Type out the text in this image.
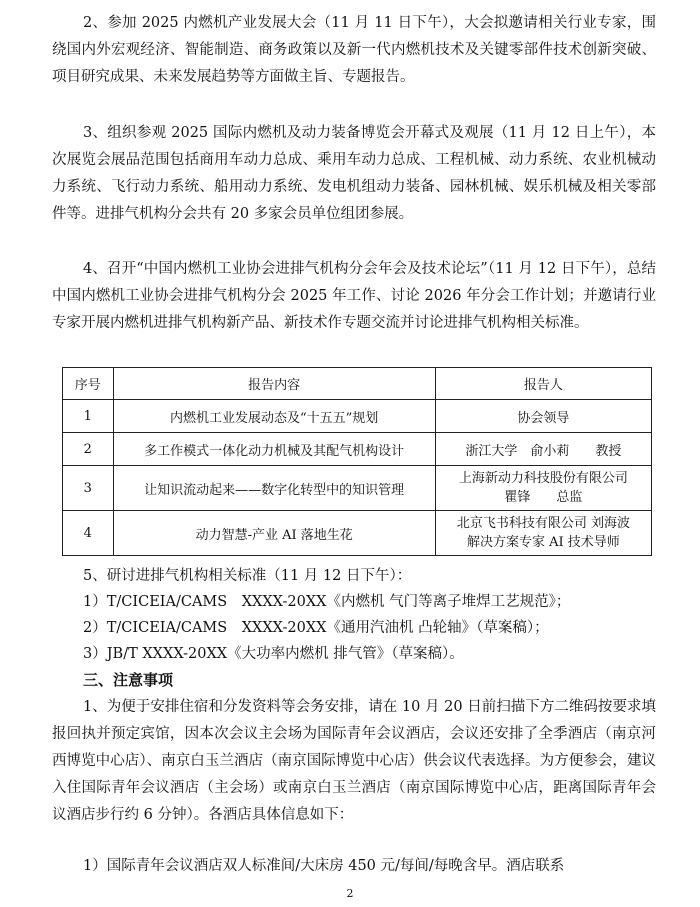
2、参加 2025 内燃机产业发展大会（11 月 11 日下午），大会拟邀请相关行业专家，围绕国内外宏观经济、智能制造、商务政策以及新一代内燃机技术及关键零部件技术创新突破、项目研究成果、未来发展趋势等方面做主旨、专题报告。

3、组织参观 2025 国际内燃机及动力装备博览会开幕式及观展（11 月 12 日上午），本次展览会展品范围包括商用车动力总成、乘用车动力总成、工程机械、动力系统、农业机械动力系统、飞行动力系统、船用动力系统、发电机组动力装备、园林机械、娱乐机械及相关零部件等。进排气机构分会共有 20 多家会员单位组团参展。

4、召开“中国内燃机工业协会进排气机构分会年会及技术论坛”（11 月 12 日下午），总结中国内燃机工业协会进排气机构分会 2025 年工作、讨论 2026 年分会工作计划；并邀请行业专家开展内燃机进排气机构新产品、新技术作专题交流并讨论进排气机构相关标准。

序号	报告内容	报告人
1	内燃机工业发展动态及“十五五”规划	协会领导

2	多工作模式一体化动力机械及其配气机构设计	浙江大学　俞小莉　　教授

3	让知识流动起来——数字化转型中的知识管理	上海新动力科技股份有限公司
瞿锋　　总监

4	动力智慧-产业 AI 落地生花	北京飞书科技有限公司 刘海波
解决方案专家 AI 技术导师
5、研讨进排气机构相关标准（11 月 12 日下午）：
1）T/CICEIA/CAMS　XXXX-20XX《内燃机 气门等离子堆焊工艺规范》；
2）T/CICEIA/CAMS　XXXX-20XX《通用汽油机 凸轮轴》（草案稿）；
3）JB/T XXXX-20XX《大功率内燃机 排气管》（草案稿）。
三、注意事项

1、为便于安排住宿和分发资料等会务安排，请在 10 月 20 日前扫描下方二维码按要求填报回执并预定宾馆，因本次会议主会场为国际青年会议酒店，会议还安排了全季酒店（南京河西博览中心店）、南京白玉兰酒店（南京国际博览中心店）供会议代表选择。为方便参会，建议入住国际青年会议酒店（主会场）或南京白玉兰酒店（南京国际博览中心店，距离国际青年会议酒店步行约 6 分钟）。各酒店具体信息如下：

1）国际青年会议酒店双人标准间/大床房 450 元/每间/每晚含早。酒店联系
2
